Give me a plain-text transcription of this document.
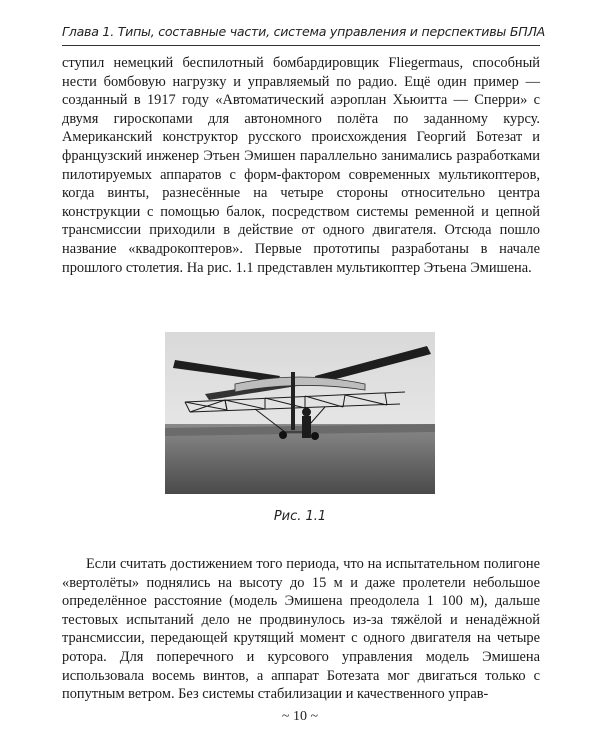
Глава 1. Типы, составные части, система управления и перспективы БПЛА

ступил немецкий беспилотный бомбардировщик Fliegermaus, способный нести бомбовую нагрузку и управляемый по радио. Ещё один пример — созданный в 1917 году «Автоматический аэроплан Хьюитта — Сперри» с двумя гироскопами для автономного полёта по заданному курсу. Американский конструктор русского происхождения Георгий Ботезат и французский инженер Этьен Эмишен параллельно занимались разработками пилотируемых аппаратов с форм-фактором современных мультикоптеров, когда винты, разнесённые на четыре стороны относительно центра конструкции с помощью балок, посредством системы ременной и цепной трансмиссии приходили в действие от одного двигателя. Отсюда пошло название «квадрокоптеров». Первые прототипы разработаны в начале прошлого столетия. На рис. 1.1 представлен мультикоптер Этьена Эмишена.

Рис. 1.1

Если считать достижением того периода, что на испытательном полигоне «вертолёты» поднялись на высоту до 15 м и даже пролетели небольшое определённое расстояние (модель Эмишена преодолела 1 100 м), дальше тестовых испытаний дело не продвинулось из-за тяжёлой и ненадёжной трансмиссии, передающей крутящий момент с одного двигателя на четыре ротора. Для поперечного и курсового управления модель Эмишена использовала восемь винтов, а аппарат Ботезата мог двигаться только с попутным ветром. Без системы стабилизации и качественного управ-

~ 10 ~
